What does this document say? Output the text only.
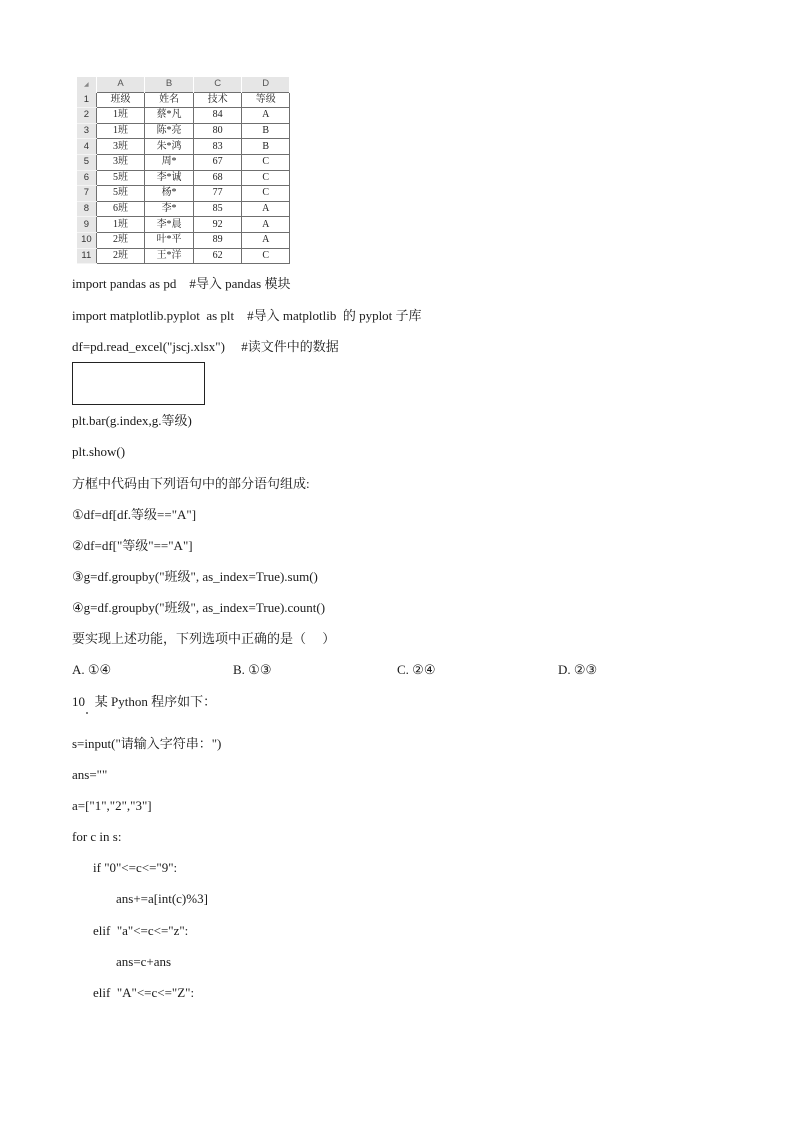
◢	A	B	C	D
1	班级	姓名	技术	等级
2	1班	蔡*凡	84	A
3	1班	陈*亮	80	B
4	3班	朱*鸿	83	B
5	3班	周*	67	C
6	5班	李*诚	68	C
7	5班	杨*	77	C
8	6班	李*	85	A
9	1班	李*晨	92	A
10	2班	叶*平	89	A
11	2班	王*洋	62	C
import pandas as pd    #导入 pandas 模块
import matplotlib.pyplot  as plt    #导入 matplotlib  的 pyplot 子库
df=pd.read_excel("jscj.xlsx")     #读文件中的数据
plt.bar(g.index,g.等级)
plt.show()
方框中代码由下列语句中的部分语句组成:
①df=df[df.等级=="A"]
②df=df["等级"=="A"]
③g=df.groupby("班级", as_index=True).sum()
④g=df.groupby("班级", as_index=True).count()
要实现上述功能，下列选项中正确的是（     ）
A. ①④	B. ①③	C. ②④	D. ②③
10   某 Python 程序如下：
s=input("请输入字符串：")
ans=""
a=["1","2","3"]
for c in s:
if "0"<=c<="9":
ans+=a[int(c)%3]
elif  "a"<=c<="z":
ans=c+ans
elif  "A"<=c<="Z":
